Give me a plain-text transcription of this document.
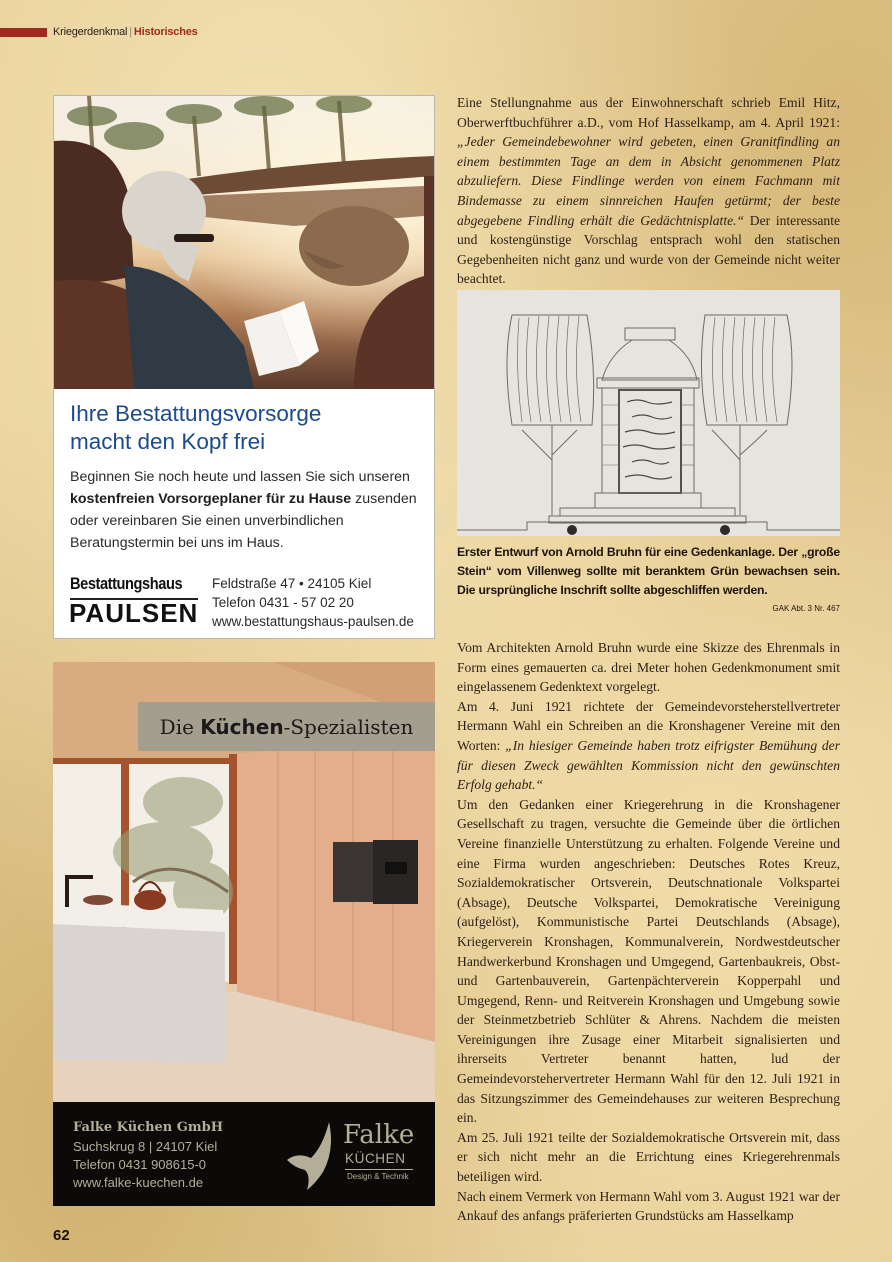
Kriegerdenkmal | Historisches
Ihre Bestattungsvorsorge
macht den Kopf frei
Beginnen Sie noch heute und lassen Sie sich unseren kostenfreien Vorsorgeplaner für zu Hause zusenden oder vereinbaren Sie einen unverbindlichen Beratungstermin bei uns im Haus.
Bestattungshaus
PAULSEN
Feldstraße 47 • 24105 Kiel
Telefon 0431 - 57 02 20
www.bestattungshaus-paulsen.de
Die Küchen -Spezialisten
Falke Küchen GmbH
Suchskrug 8 | 24107 Kiel
Telefon 0431 908615-0
www.falke-kuechen.de
Falke
KÜCHEN
Design & Technik

Eine Stellungnahme aus der Einwohnerschaft schrieb Emil Hitz, Oberwerftbuchführer a.D., vom Hof Hasselkamp, am 4. April 1921: „Jeder Gemeindebewohner wird gebeten, einen Granitfindling an einem bestimmten Tage an dem in Absicht genommenen Platz abzuliefern. Diese Findlinge werden von einem Fachmann mit Bindemasse zu einem sinnreichen Haufen getürmt; der beste abgegebene Findling erhält die Gedächtnisplatte.“ Der interessante und kostengünstige Vorschlag entsprach wohl den statischen Gegebenheiten nicht ganz und wurde von der Gemeinde nicht weiter beachtet.

Erster Entwurf von Arnold Bruhn für eine Gedenkanlage. Der „große Stein“ vom Villenweg sollte mit beranktem Grün bewachsen sein. Die ursprüngliche Inschrift sollte abgeschliffen werden.
GAK Abt. 3 Nr. 467

Vom Architekten Arnold Bruhn wurde eine Skizze des Ehrenmals in Form eines gemauerten ca. drei Meter hohen Gedenkmonument smit eingelassenem Gedenktext vorgelegt.

Am 4. Juni 1921 richtete der Gemeindevorsteherstellvertreter Hermann Wahl ein Schreiben an die Kronshagener Vereine mit den Worten: „In hiesiger Gemeinde haben trotz eifrigster Bemühung der für diesen Zweck gewählten Kommission nicht den gewünschten Erfolg gehabt.“

Um den Gedanken einer Kriegerehrung in die Kronshagener Gesellschaft zu tragen, versuchte die Gemeinde über die örtlichen Vereine finanzielle Unterstützung zu erhalten. Folgende Vereine und eine Firma wurden angeschrieben: Deutsches Rotes Kreuz, Sozialdemokratischer Ortsverein, Deutschnationale Volkspartei (Absage), Deutsche Volkspartei, Demokratische Vereinigung (aufgelöst), Kommunistische Partei Deutschlands (Absage), Kriegerverein Kronshagen, Kommunalverein, Nordwestdeutscher Handwerkerbund Kronshagen und Umgegend, Gartenbaukreis, Obst- und Gartenbauverein, Gartenpächterverein Kopperpahl und Umgegend, Renn- und Reitverein Kronshagen und Umgebung sowie der Steinmetzbetrieb Schlüter & Ahrens. Nachdem die meisten Vereinigungen ihre Zusage einer Mitarbeit signalisierten und ihrerseits Vertreter benannt hatten, lud der Gemeindevorstehervertreter Hermann Wahl für den 12. Juli 1921 in das Sitzungszimmer des Gemeindehauses zur weiteren Besprechung ein.

Am 25. Juli 1921 teilte der Sozialdemokratische Ortsverein mit, dass er sich nicht mehr an die Errichtung eines Kriegerehrenmals beteiligen wird.

Nach einem Vermerk von Hermann Wahl vom 3. August 1921 war der Ankauf des anfangs präferierten Grundstücks am Hasselkamp

62
